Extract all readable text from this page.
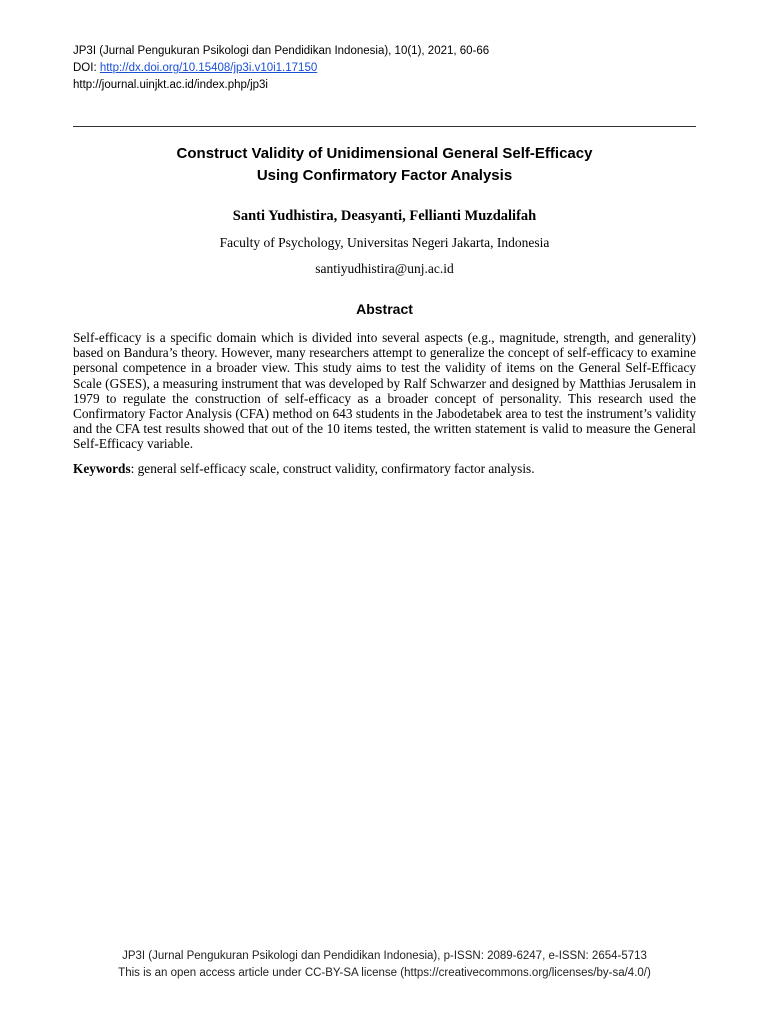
JP3I (Jurnal Pengukuran Psikologi dan Pendidikan Indonesia), 10(1), 2021, 60-66
DOI: http://dx.doi.org/10.15408/jp3i.v10i1.17150
http://journal.uinjkt.ac.id/index.php/jp3i
Construct Validity of Unidimensional General Self-Efficacy
Using Confirmatory Factor Analysis
Santi Yudhistira, Deasyanti, Fellianti Muzdalifah
Faculty of Psychology, Universitas Negeri Jakarta, Indonesia
santiyudhistira@unj.ac.id
Abstract
Self-efficacy is a specific domain which is divided into several aspects (e.g., magnitude, strength, and generality) based on Bandura’s theory. However, many researchers attempt to generalize the concept of self-efficacy to examine personal competence in a broader view. This study aims to test the validity of items on the General Self-Efficacy Scale (GSES), a measuring instrument that was developed by Ralf Schwarzer and designed by Matthias Jerusalem in 1979 to regulate the construction of self-efficacy as a broader concept of personality. This research used the Confirmatory Factor Analysis (CFA) method on 643 students in the Jabodetabek area to test the instrument’s validity and the CFA test results showed that out of the 10 items tested, the written statement is valid to measure the General Self-Efficacy variable.
Keywords: general self-efficacy scale, construct validity, confirmatory factor analysis.
JP3I (Jurnal Pengukuran Psikologi dan Pendidikan Indonesia), p-ISSN: 2089-6247, e-ISSN: 2654-5713
This is an open access article under CC-BY-SA license (https://creativecommons.org/licenses/by-sa/4.0/)
